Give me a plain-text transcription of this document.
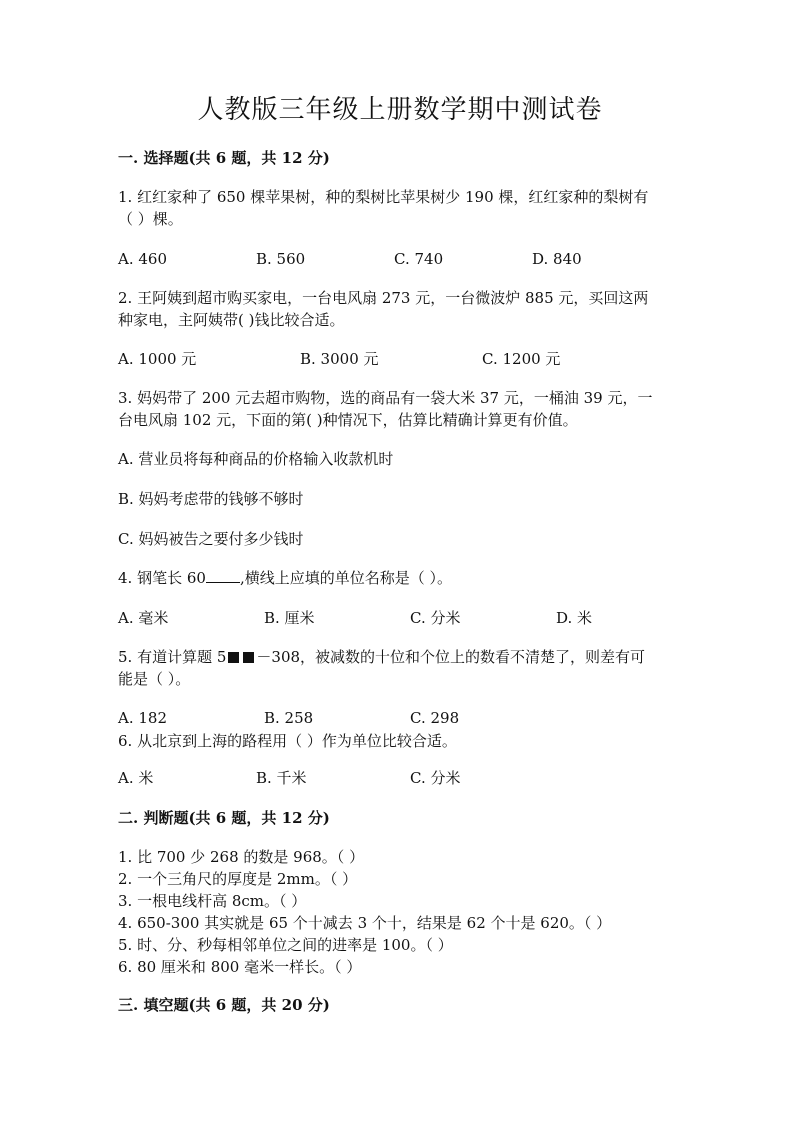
人教版三年级上册数学期中测试卷
一. 选择题(共 6 题，共 12 分)
1. 红红家种了 650 棵苹果树，种的梨树比苹果树少 190 棵，红红家种的梨树有
（ ）棵。
A. 460	B. 560	C. 740	D. 840
2. 王阿姨到超市购买家电，一台电风扇 273 元，一台微波炉 885 元，买回这两
种家电，主阿姨带( )钱比较合适。
A. 1000 元	B. 3000 元	C. 1200 元
3. 妈妈带了 200 元去超市购物，选的商品有一袋大米 37 元，一桶油 39 元，一
台电风扇 102 元，下面的第( )种情况下，估算比精确计算更有价值。
A. 营业员将每种商品的价格输入收款机时
B. 妈妈考虑带的钱够不够时
C. 妈妈被告之要付多少钱时
4. 钢笔长 60 ,横线上应填的单位名称是（ ）。
A. 毫米	B. 厘米	C. 分米	D. 米
5. 有道计算题 5 －308，被减数的十位和个位上的数看不清楚了，则差有可
能是（ ）。
A. 182	B. 258	C. 298
6. 从北京到上海的路程用（ ）作为单位比较合适。
A. 米	B. 千米	C. 分米
二. 判断题(共 6 题，共 12 分)
1. 比 700 少 268 的数是 968。（ ）
2. 一个三角尺的厚度是 2mm。（ ）
3. 一根电线杆高 8cm。（ ）
4. 650-300 其实就是 65 个十减去 3 个十，结果是 62 个十是 620。（ ）
5. 时、分、秒每相邻单位之间的进率是 100。（ ）
6. 80 厘米和 800 毫米一样长。（ ）
三. 填空题(共 6 题，共 20 分)
